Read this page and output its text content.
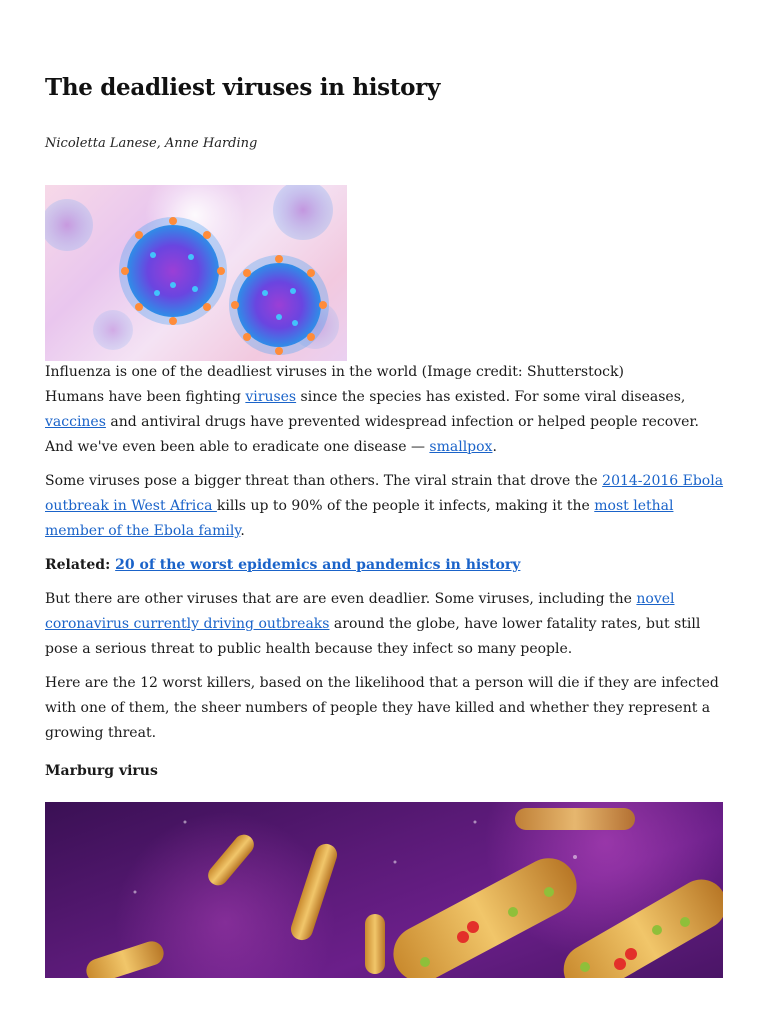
The deadliest viruses in history
Nicoletta Lanese, Anne Harding
Influenza is one of the deadliest viruses in the world (Image credit: Shutterstock)

Humans have been fighting viruses since the species has existed. For some viral diseases, vaccines and antiviral drugs have prevented widespread infection or helped people recover. And we've even been able to eradicate one disease — smallpox.

Some viruses pose a bigger threat than others. The viral strain that drove the 2014-2016 Ebola outbreak in West Africa kills up to 90% of the people it infects, making it the most lethal member of the Ebola family.

Related: 20 of the worst epidemics and pandemics in history

But there are other viruses that are are even deadlier. Some viruses, including the novel coronavirus currently driving outbreaks around the globe, have lower fatality rates, but still pose a serious threat to public health because they infect so many people.

Here are the 12 worst killers, based on the likelihood that a person will die if they are infected with one of them, the sheer numbers of people they have killed and whether they represent a growing threat.

Marburg virus
